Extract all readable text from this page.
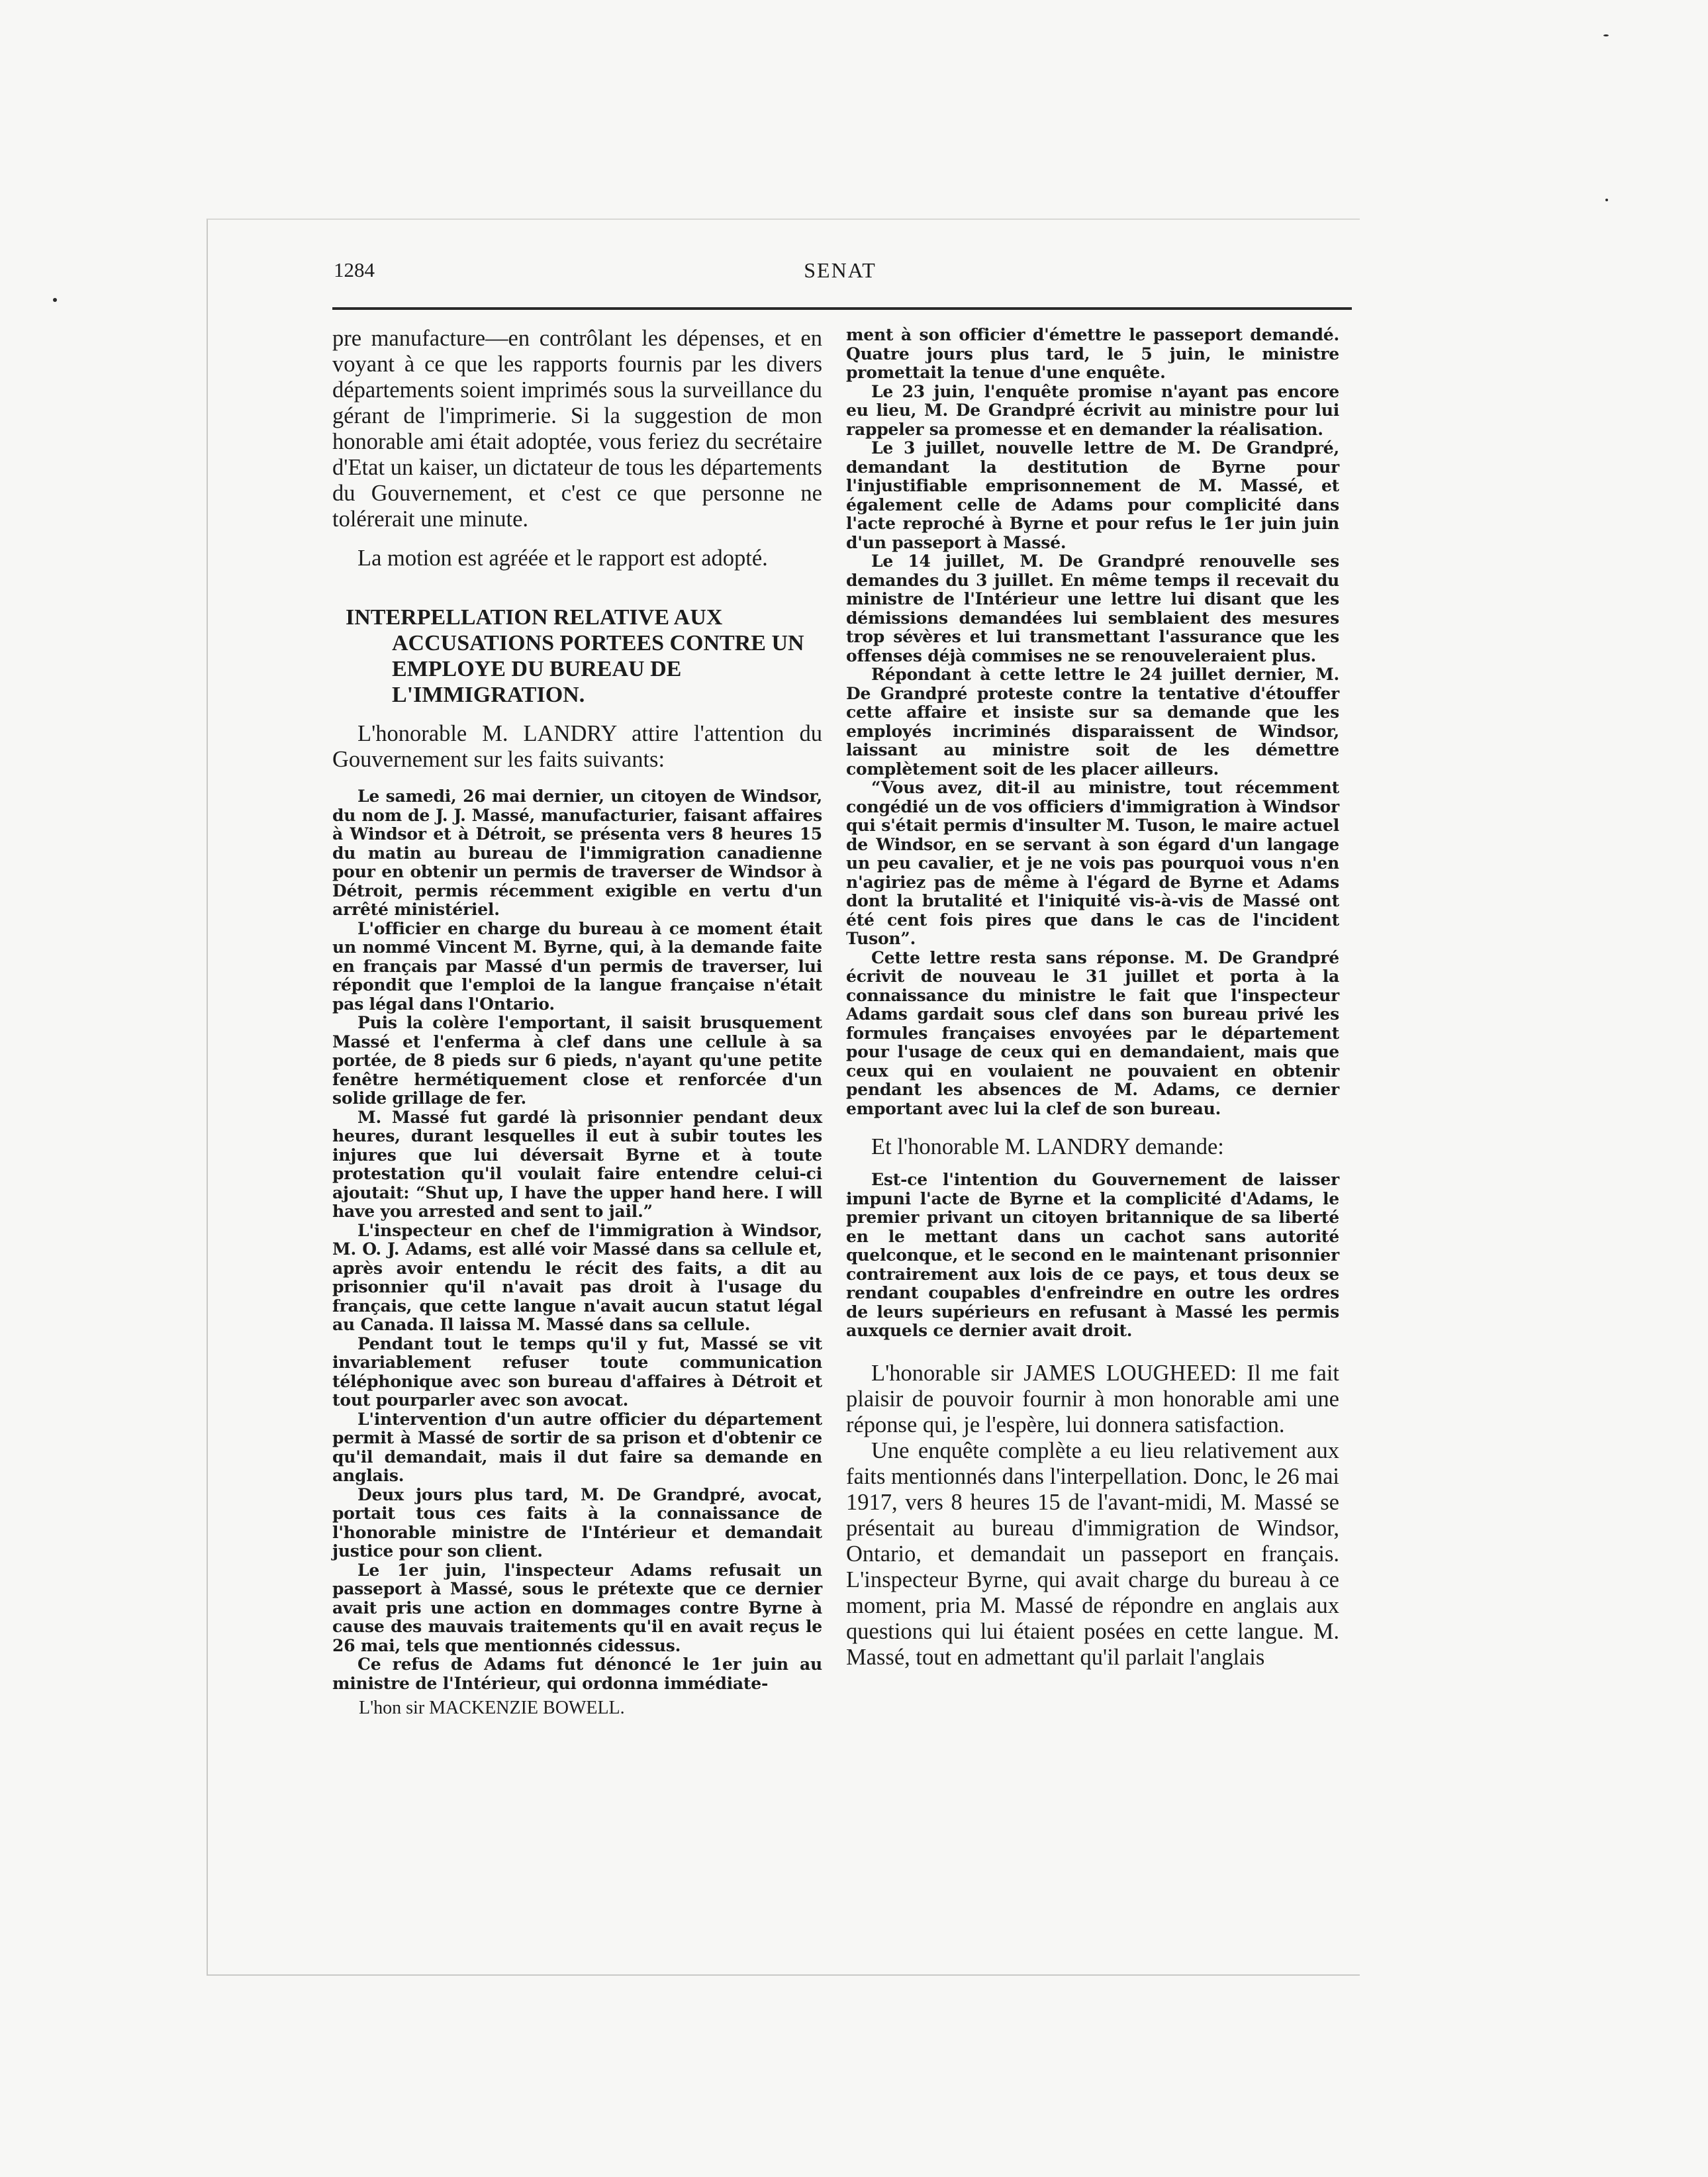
1284	SENAT

pre manufacture—en contrôlant les dépenses, et en voyant à ce que les rapports fournis par les divers départements soient imprimés sous la surveillance du gérant de l'imprimerie. Si la suggestion de mon honorable ami était adoptée, vous feriez du secrétaire d'Etat un kaiser, un dictateur de tous les départements du Gouvernement, et c'est ce que personne ne tolérerait une minute.

La motion est agréée et le rapport est adopté.

INTERPELLATION RELATIVE AUX ACCUSATIONS PORTEES CONTRE UN EMPLOYE DU BUREAU DE L'IMMIGRATION.

L'honorable M. LANDRY attire l'attention du Gouvernement sur les faits suivants:

Le samedi, 26 mai dernier, un citoyen de Windsor, du nom de J. J. Massé, manufacturier, faisant affaires à Windsor et à Détroit, se présenta vers 8 heures 15 du matin au bureau de l'immigration canadienne pour en obtenir un permis de traverser de Windsor à Détroit, permis récemment exigible en vertu d'un arrêté ministériel.

L'officier en charge du bureau à ce moment était un nommé Vincent M. Byrne, qui, à la demande faite en français par Massé d'un permis de traverser, lui répondit que l'emploi de la langue française n'était pas légal dans l'Ontario.

Puis la colère l'emportant, il saisit brusquement Massé et l'enferma à clef dans une cellule à sa portée, de 8 pieds sur 6 pieds, n'ayant qu'une petite fenêtre hermétiquement close et renforcée d'un solide grillage de fer.

M. Massé fut gardé là prisonnier pendant deux heures, durant lesquelles il eut à subir toutes les injures que lui déversait Byrne et à toute protestation qu'il voulait faire entendre celui-ci ajoutait: “Shut up, I have the upper hand here. I will have you arrested and sent to jail.”

L'inspecteur en chef de l'immigration à Windsor, M. O. J. Adams, est allé voir Massé dans sa cellule et, après avoir entendu le récit des faits, a dit au prisonnier qu'il n'avait pas droit à l'usage du français, que cette langue n'avait aucun statut légal au Canada. Il laissa M. Massé dans sa cellule.

Pendant tout le temps qu'il y fut, Massé se vit invariablement refuser toute communication téléphonique avec son bureau d'affaires à Détroit et tout pourparler avec son avocat.

L'intervention d'un autre officier du département permit à Massé de sortir de sa prison et d'obtenir ce qu'il demandait, mais il dut faire sa demande en anglais.

Deux jours plus tard, M. De Grandpré, avocat, portait tous ces faits à la connaissance de l'honorable ministre de l'Intérieur et demandait justice pour son client.

Le 1er juin, l'inspecteur Adams refusait un passeport à Massé, sous le prétexte que ce dernier avait pris une action en dommages contre Byrne à cause des mauvais traitements qu'il en avait reçus le 26 mai, tels que mentionnés cidessus.

Ce refus de Adams fut dénoncé le 1er juin au ministre de l'Intérieur, qui ordonna immédiate-

L'hon sir MACKENZIE BOWELL.

ment à son officier d'émettre le passeport demandé. Quatre jours plus tard, le 5 juin, le ministre promettait la tenue d'une enquête.

Le 23 juin, l'enquête promise n'ayant pas encore eu lieu, M. De Grandpré écrivit au ministre pour lui rappeler sa promesse et en demander la réalisation.

Le 3 juillet, nouvelle lettre de M. De Grandpré, demandant la destitution de Byrne pour l'injustifiable emprisonnement de M. Massé, et également celle de Adams pour complicité dans l'acte reproché à Byrne et pour refus le 1er juin juin d'un passeport à Massé.

Le 14 juillet, M. De Grandpré renouvelle ses demandes du 3 juillet. En même temps il recevait du ministre de l'Intérieur une lettre lui disant que les démissions demandées lui semblaient des mesures trop sévères et lui transmettant l'assurance que les offenses déjà commises ne se renouveleraient plus.

Répondant à cette lettre le 24 juillet dernier, M. De Grandpré proteste contre la tentative d'étouffer cette affaire et insiste sur sa demande que les employés incriminés disparaissent de Windsor, laissant au ministre soit de les démettre complètement soit de les placer ailleurs.

“Vous avez, dit-il au ministre, tout récemment congédié un de vos officiers d'immigration à Windsor qui s'était permis d'insulter M. Tuson, le maire actuel de Windsor, en se servant à son égard d'un langage un peu cavalier, et je ne vois pas pourquoi vous n'en n'agiriez pas de même à l'égard de Byrne et Adams dont la brutalité et l'iniquité vis-à-vis de Massé ont été cent fois pires que dans le cas de l'incident Tuson”.

Cette lettre resta sans réponse. M. De Grandpré écrivit de nouveau le 31 juillet et porta à la connaissance du ministre le fait que l'inspecteur Adams gardait sous clef dans son bureau privé les formules françaises envoyées par le département pour l'usage de ceux qui en demandaient, mais que ceux qui en voulaient ne pouvaient en obtenir pendant les absences de M. Adams, ce dernier emportant avec lui la clef de son bureau.

Et l'honorable M. LANDRY demande:

Est-ce l'intention du Gouvernement de laisser impuni l'acte de Byrne et la complicité d'Adams, le premier privant un citoyen britannique de sa liberté en le mettant dans un cachot sans autorité quelconque, et le second en le maintenant prisonnier contrairement aux lois de ce pays, et tous deux se rendant coupables d'enfreindre en outre les ordres de leurs supérieurs en refusant à Massé les permis auxquels ce dernier avait droit.

L'honorable sir JAMES LOUGHEED: Il me fait plaisir de pouvoir fournir à mon honorable ami une réponse qui, je l'espère, lui donnera satisfaction.

Une enquête complète a eu lieu relativement aux faits mentionnés dans l'interpellation. Donc, le 26 mai 1917, vers 8 heures 15 de l'avant-midi, M. Massé se présentait au bureau d'immigration de Windsor, Ontario, et demandait un passeport en français. L'inspecteur Byrne, qui avait charge du bureau à ce moment, pria M. Massé de répondre en anglais aux questions qui lui étaient posées en cette langue. M. Massé, tout en admettant qu'il parlait l'anglais
